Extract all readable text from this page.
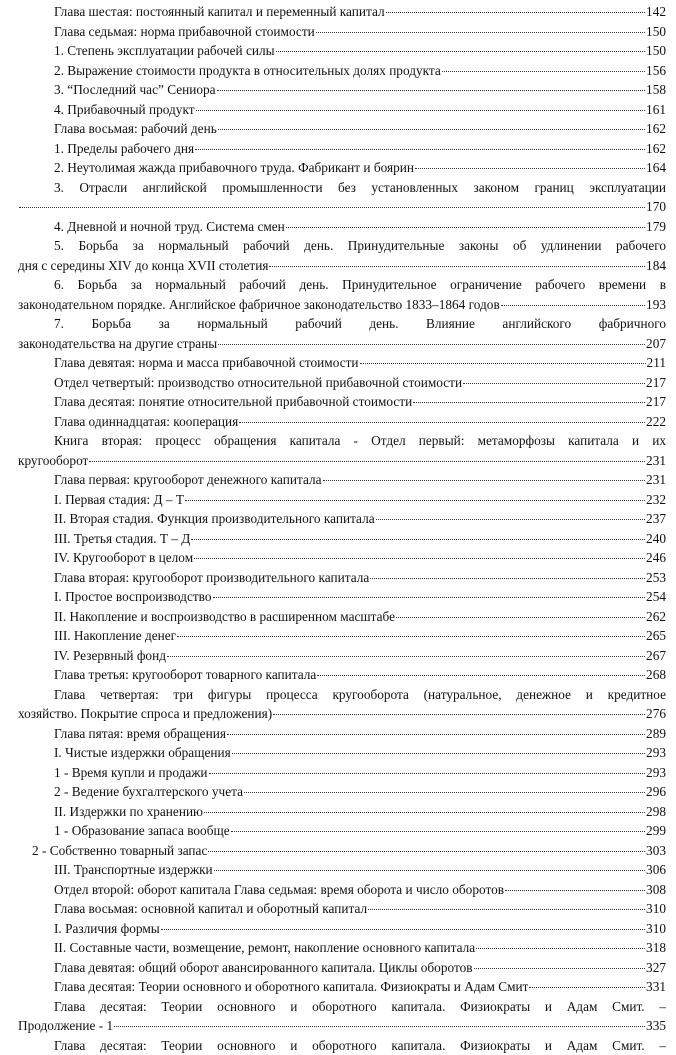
Глава шестая: постоянный капитал и переменный капитал	142
Глава седьмая: норма прибавочной стоимости	150
1. Степень эксплуатации рабочей силы	150
2. Выражение стоимости продукта в относительных долях продукта	156
3. “Последний час” Сениора	158
4. Прибавочный продукт	161
Глава восьмая: рабочий день	162
1. Пределы рабочего дня	162
2. Неутолимая жажда прибавочного труда. Фабрикант и боярин	164
3. Отрасли английской промышленности без установленных законом границ эксплуатации
170
4. Дневной и ночной труд. Система смен	179
5. Борьба за нормальный рабочий день. Принудительные законы об удлинении рабочего
дня с середины XIV до конца XVII столетия	184
6. Борьба за нормальный рабочий день. Принудительное ограничение рабочего времени в
законодательном порядке. Английское фабричное законодательство 1833–1864 годов	193
7. Борьба за нормальный рабочий день. Влияние английского фабричного
законодательства на другие страны	207
Глава девятая: норма и масса прибавочной стоимости	211
Отдел четвертый: производство относительной прибавочной стоимости	217
Глава десятая: понятие относительной прибавочной стоимости	217
Глава одиннадцатая: кооперация	222
Книга вторая: процесс обращения капитала - Отдел первый: метаморфозы капитала и их
кругооборот	231
Глава первая: кругооборот денежного капитала	231
I. Первая стадия: Д – Т	232
II. Вторая стадия. Функция производительного капитала	237
III. Третья стадия. Т – Д	240
IV. Кругооборот в целом	246
Глава вторая: кругооборот производительного капитала	253
I. Простое воспроизводство	254
II. Накопление и воспроизводство в расширенном масштабе	262
III. Накопление денег	265
IV. Резервный фонд	267
Глава третья: кругооборот товарного капитала	268
Глава четвертая: три фигуры процесса кругооборота (натуральное, денежное и кредитное
хозяйство. Покрытие спроса и предложения)	276
Глава пятая: время обращения	289
I. Чистые издержки обращения	293
1 - Время купли и продажи	293
2 - Ведение бухгалтерского учета	296
II. Издержки по хранению	298
1 - Образование запаса вообще	299
2 - Собственно товарный запас	303
III. Транспортные издержки	306
Отдел второй: оборот капитала Глава седьмая: время оборота и число оборотов	308
Глава восьмая: основной капитал и оборотный капитал	310
I. Различия формы	310
II. Составные части, возмещение, ремонт, накопление основного капитала	318
Глава девятая: общий оборот авансированного капитала. Циклы оборотов	327
Глава десятая: Теории основного и оборотного капитала. Физиократы и Адам Смит	331
Глава десятая: Теории основного и оборотного капитала. Физиократы и Адам Смит. –
Продолжение - 1	335
Глава десятая: Теории основного и оборотного капитала. Физиократы и Адам Смит. –
